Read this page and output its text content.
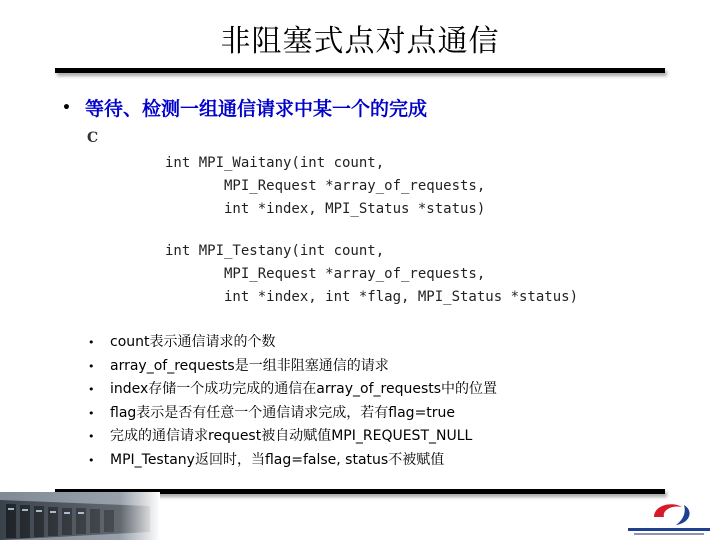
非阻塞式点对点通信
• 等待、检测一组通信请求中某一个的完成
C
int MPI_Waitany(int count,
MPI_Request *array_of_requests,
int *index, MPI_Status *status)
int MPI_Testany(int count,
MPI_Request *array_of_requests,
int *index, int *flag, MPI_Status *status)
• count表示通信请求的个数
• array_of_requests是一组非阻塞通信的请求
• index存储一个成功完成的通信在array_of_requests中的位置
• flag表示是否有任意一个通信请求完成，若有flag=true
• 完成的通信请求request被自动赋值MPI_REQUEST_NULL
• MPI_Testany返回时，当flag=false, status不被赋值
